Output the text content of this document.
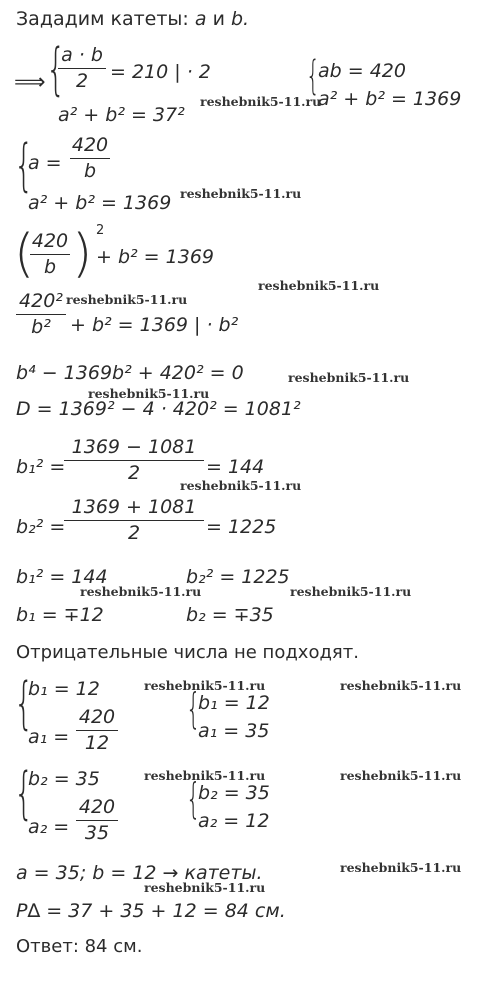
Зададим катеты: a и b.
⟹ {
a · b
2	= 210 | · 2
a² + b² = 37²
{
ab = 420
a² + b² = 1369
{
a =
420
b
a² + b² = 1369
(
420
b ) 2
+ b² = 1369
420²
b²	+ b² = 1369 | · b²
b⁴ − 1369b² + 420² = 0
D = 1369² − 4 · 420² = 1081²
b₁² =
1369 − 1081
2	= 144
b₂² =
1369 + 1081
2	= 1225
b₁² = 144	b₂² = 1225
b₁ = ∓12	b₂ = ∓35
Отрицательные числа не подходят.
{
b₁ = 12
a₁ =
420
12
{
b₁ = 12
a₁ = 35
{
b₂ = 35
a₂ =
420
35
{
b₂ = 35
a₂ = 12
a = 35; b = 12 → катеты.
P∆ = 37 + 35 + 12 = 84 см.
Ответ: 84 см.
reshebnik5-11.ru
reshebnik5-11.ru
reshebnik5-11.ru
reshebnik5-11.ru
reshebnik5-11.ru
reshebnik5-11.ru
reshebnik5-11.ru
reshebnik5-11.ru	reshebnik5-11.ru
reshebnik5-11.ru	reshebnik5-11.ru
reshebnik5-11.ru	reshebnik5-11.ru
reshebnik5-11.ru
reshebnik5-11.ru
